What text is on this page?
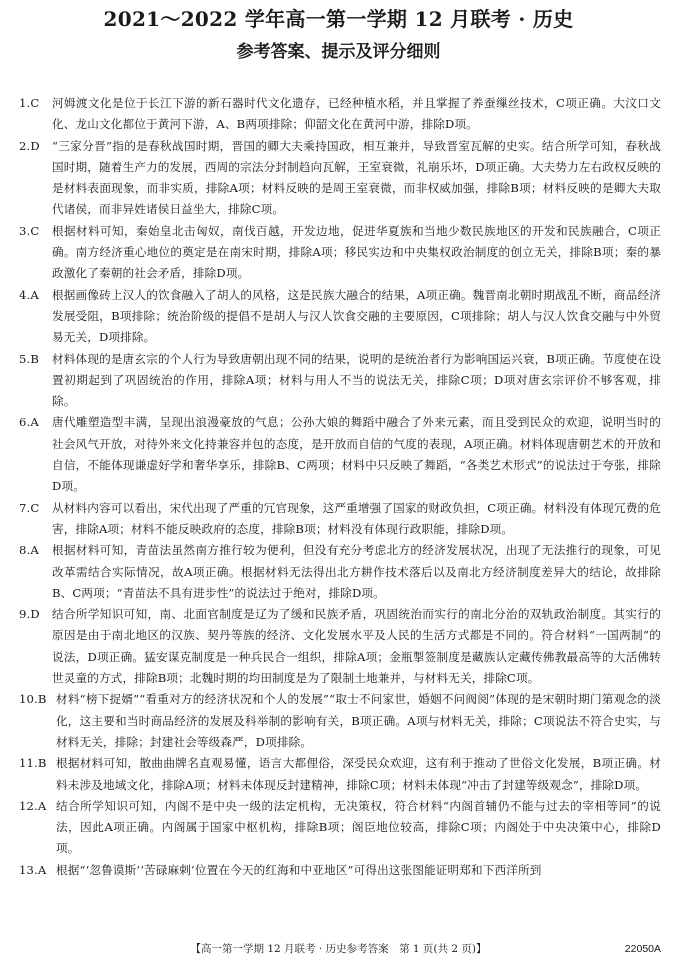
2021～2022 学年高一第一学期 12 月联考 · 历史
参考答案、提示及评分细则
1.C	河姆渡文化是位于长江下游的新石器时代文化遗存，已经种植水稻，并且掌握了养蚕缫丝技术，C项正确。大汶口文化、龙山文化都位于黄河下游，A、B两项排除；仰韶文化在黄河中游，排除D项。
2.D	“三家分晋”指的是春秋战国时期，晋国的卿大夫乘持国政，相互兼并，导致晋室瓦解的史实。结合所学可知，春秋战国时期，随着生产力的发展，西周的宗法分封制趋向瓦解，王室衰微，礼崩乐坏，D项正确。大夫势力左右政权反映的是材料表面现象，而非实质，排除A项；材料反映的是周王室衰微，而非权威加强，排除B项；材料反映的是卿大夫取代诸侯，而非异姓诸侯日益坐大，排除C项。
3.C	根据材料可知，秦始皇北击匈奴，南伐百越，开发边地，促进华夏族和当地少数民族地区的开发和民族融合，C项正确。南方经济重心地位的奠定是在南宋时期，排除A项；移民实边和中央集权政治制度的创立无关，排除B项；秦的暴政激化了秦朝的社会矛盾，排除D项。
4.A	根据画像砖上汉人的饮食融入了胡人的风格，这是民族大融合的结果，A项正确。魏晋南北朝时期战乱不断，商品经济发展受阻，B项排除；统治阶级的提倡不是胡人与汉人饮食交融的主要原因，C项排除；胡人与汉人饮食交融与中外贸易无关，D项排除。
5.B	材料体现的是唐玄宗的个人行为导致唐朝出现不同的结果，说明的是统治者行为影响国运兴衰，B项正确。节度使在设置初期起到了巩固统治的作用，排除A项；材料与用人不当的说法无关，排除C项；D项对唐玄宗评价不够客观，排除。
6.A	唐代雕塑造型丰满，呈现出浪漫豪放的气息；公孙大娘的舞蹈中融合了外来元素，而且受到民众的欢迎，说明当时的社会风气开放，对待外来文化持兼容并包的态度，是开放而自信的气度的表现，A项正确。材料体现唐朝艺术的开放和自信，不能体现谦虚好学和奢华享乐，排除B、C两项；材料中只反映了舞蹈，“各类艺术形式”的说法过于夸张，排除D项。
7.C	从材料内容可以看出，宋代出现了严重的冗官现象，这严重增强了国家的财政负担，C项正确。材料没有体现冗费的危害，排除A项；材料不能反映政府的态度，排除B项；材料没有体现行政职能，排除D项。
8.A	根据材料可知，青苗法虽然南方推行较为便利，但没有充分考虑北方的经济发展状况，出现了无法推行的现象，可见改革需结合实际情况，故A项正确。根据材料无法得出北方耕作技术落后以及南北方经济制度差异大的结论，故排除B、C两项；“青苗法不具有进步性”的说法过于绝对，排除D项。
9.D	结合所学知识可知，南、北面官制度是辽为了缓和民族矛盾，巩固统治而实行的南北分治的双轨政治制度。其实行的原因是由于南北地区的汉族、契丹等族的经济、文化发展水平及人民的生活方式都是不同的。符合材料“一国两制”的说法，D项正确。猛安谋克制度是一种兵民合一组织，排除A项；金瓶掣签制度是藏族认定藏传佛教最高等的大活佛转世灵童的方式，排除B项；北魏时期的均田制度是为了限制土地兼并，与材料无关，排除C项。
10.B 材料“榜下捉婿”“看重对方的经济状况和个人的发展”“取士不问家世，婚姻不问阀阅”体现的是宋朝时期门第观念的淡化，这主要和当时商品经济的发展及科举制的影响有关，B项正确。A项与材料无关，排除；C项说法不符合史实，与材料无关，排除；封建社会等级森严，D项排除。
11.B 根据材料可知，散曲曲牌名直观易懂，语言大都俚俗，深受民众欢迎，这有利于推动了世俗文化发展，B项正确。材料未涉及地域文化，排除A项；材料未体现反封建精神，排除C项；材料未体现“冲击了封建等级观念”，排除D项。
12.A 结合所学知识可知，内阁不是中央一级的法定机构，无决策权，符合材料“内阁首辅仍不能与过去的宰相等同”的说法，因此A项正确。内阁属于国家中枢机构，排除B项；阁臣地位较高，排除C项；内阁处于中央决策中心，排除D项。
13.A 根据“‘忽鲁谟斯’‘苦碌麻剌’位置在今天的红海和中亚地区”可得出这张图能证明郑和下西洋所到
【高一第一学期 12 月联考 · 历史参考答案　第 1 页(共 2 页)】	22050A
